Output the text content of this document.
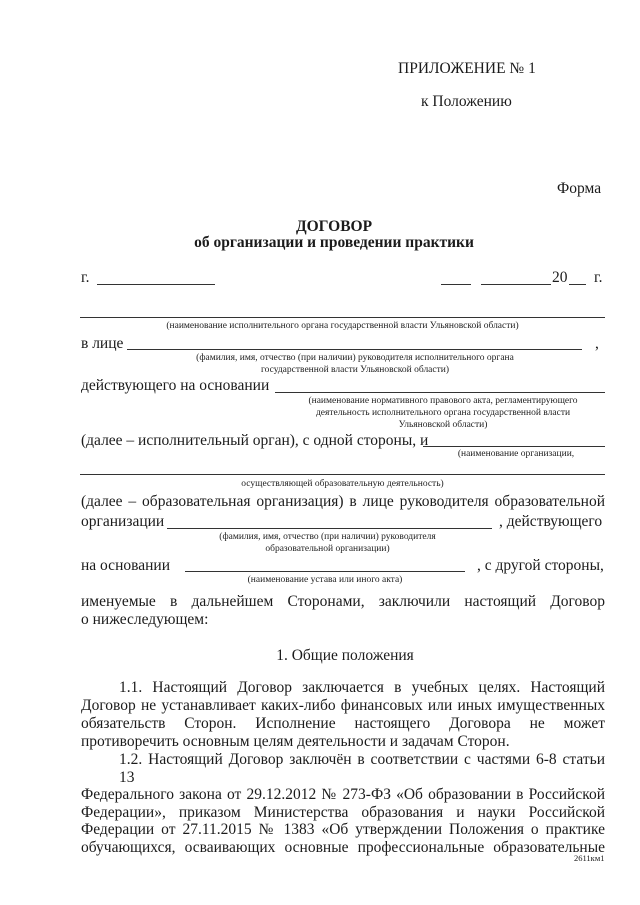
ПРИЛОЖЕНИЕ № 1
к Положению
Форма
ДОГОВОР
об организации и проведении практики
г.	20 г.
(наименование исполнительного органа государственной власти Ульяновской области)
в лице	,
(фамилия, имя, отчество (при наличии) руководителя исполнительного органа
государственной власти Ульяновской области)
действующего на основании
(наименование нормативного правового акта, регламентирующего
деятельность исполнительного органа государственной власти
Ульяновской области)
(далее – исполнительный орган), с одной стороны, и
(наименование организации,
осуществляющей образовательную деятельность)
(далее – образовательная организация) в лице руководителя образовательной
организации	, действующего
(фамилия, имя, отчество (при наличии) руководителя
образовательной организации)
на основании	, с другой стороны,
(наименование устава или иного акта)
именуемые в дальнейшем Сторонами, заключили настоящий Договор
о нижеследующем:
1. Общие положения
1.1. Настоящий Договор заключается в учебных целях. Настоящий
Договор не устанавливает каких-либо финансовых или иных имущественных
обязательств Сторон. Исполнение настоящего Договора не может
противоречить основным целям деятельности и задачам Сторон.
1.2. Настоящий Договор заключён в соответствии с частями 6-8 статьи 13
Федерального закона от 29.12.2012 № 273-ФЗ «Об образовании в Российской
Федерации», приказом Министерства образования и науки Российской
Федерации от 27.11.2015 № 1383 «Об утверждении Положения о практике
обучающихся, осваивающих основные профессиональные образовательные
2611км1
